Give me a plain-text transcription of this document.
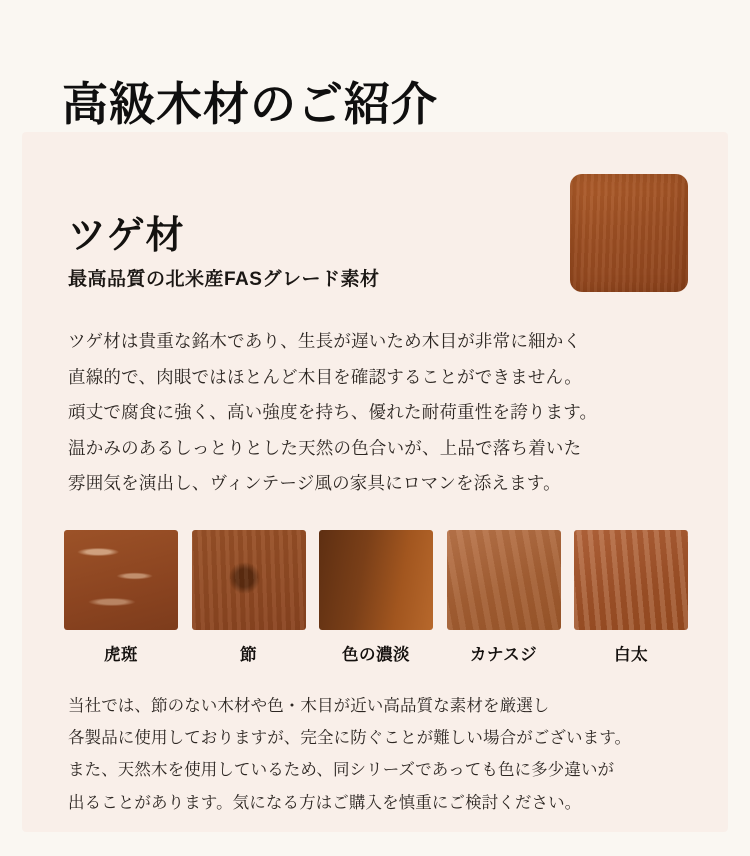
高級木材のご紹介
ツゲ材
最高品質の北米産FASグレード素材

ツゲ材は貴重な銘木であり、生長が遅いため木目が非常に細かく

直線的で、肉眼ではほとんど木目を確認することができません。

頑丈で腐食に強く、高い強度を持ち、優れた耐荷重性を誇ります。

温かみのあるしっとりとした天然の色合いが、上品で落ち着いた

雰囲気を演出し、ヴィンテージ風の家具にロマンを添えます。

虎斑	節	色の濃淡	カナスジ	白太

当社では、節のない木材や色・木目が近い高品質な素材を厳選し

各製品に使用しておりますが、完全に防ぐことが難しい場合がございます。

また、天然木を使用しているため、同シリーズであっても色に多少違いが

出ることがあります。気になる方はご購入を慎重にご検討ください。
